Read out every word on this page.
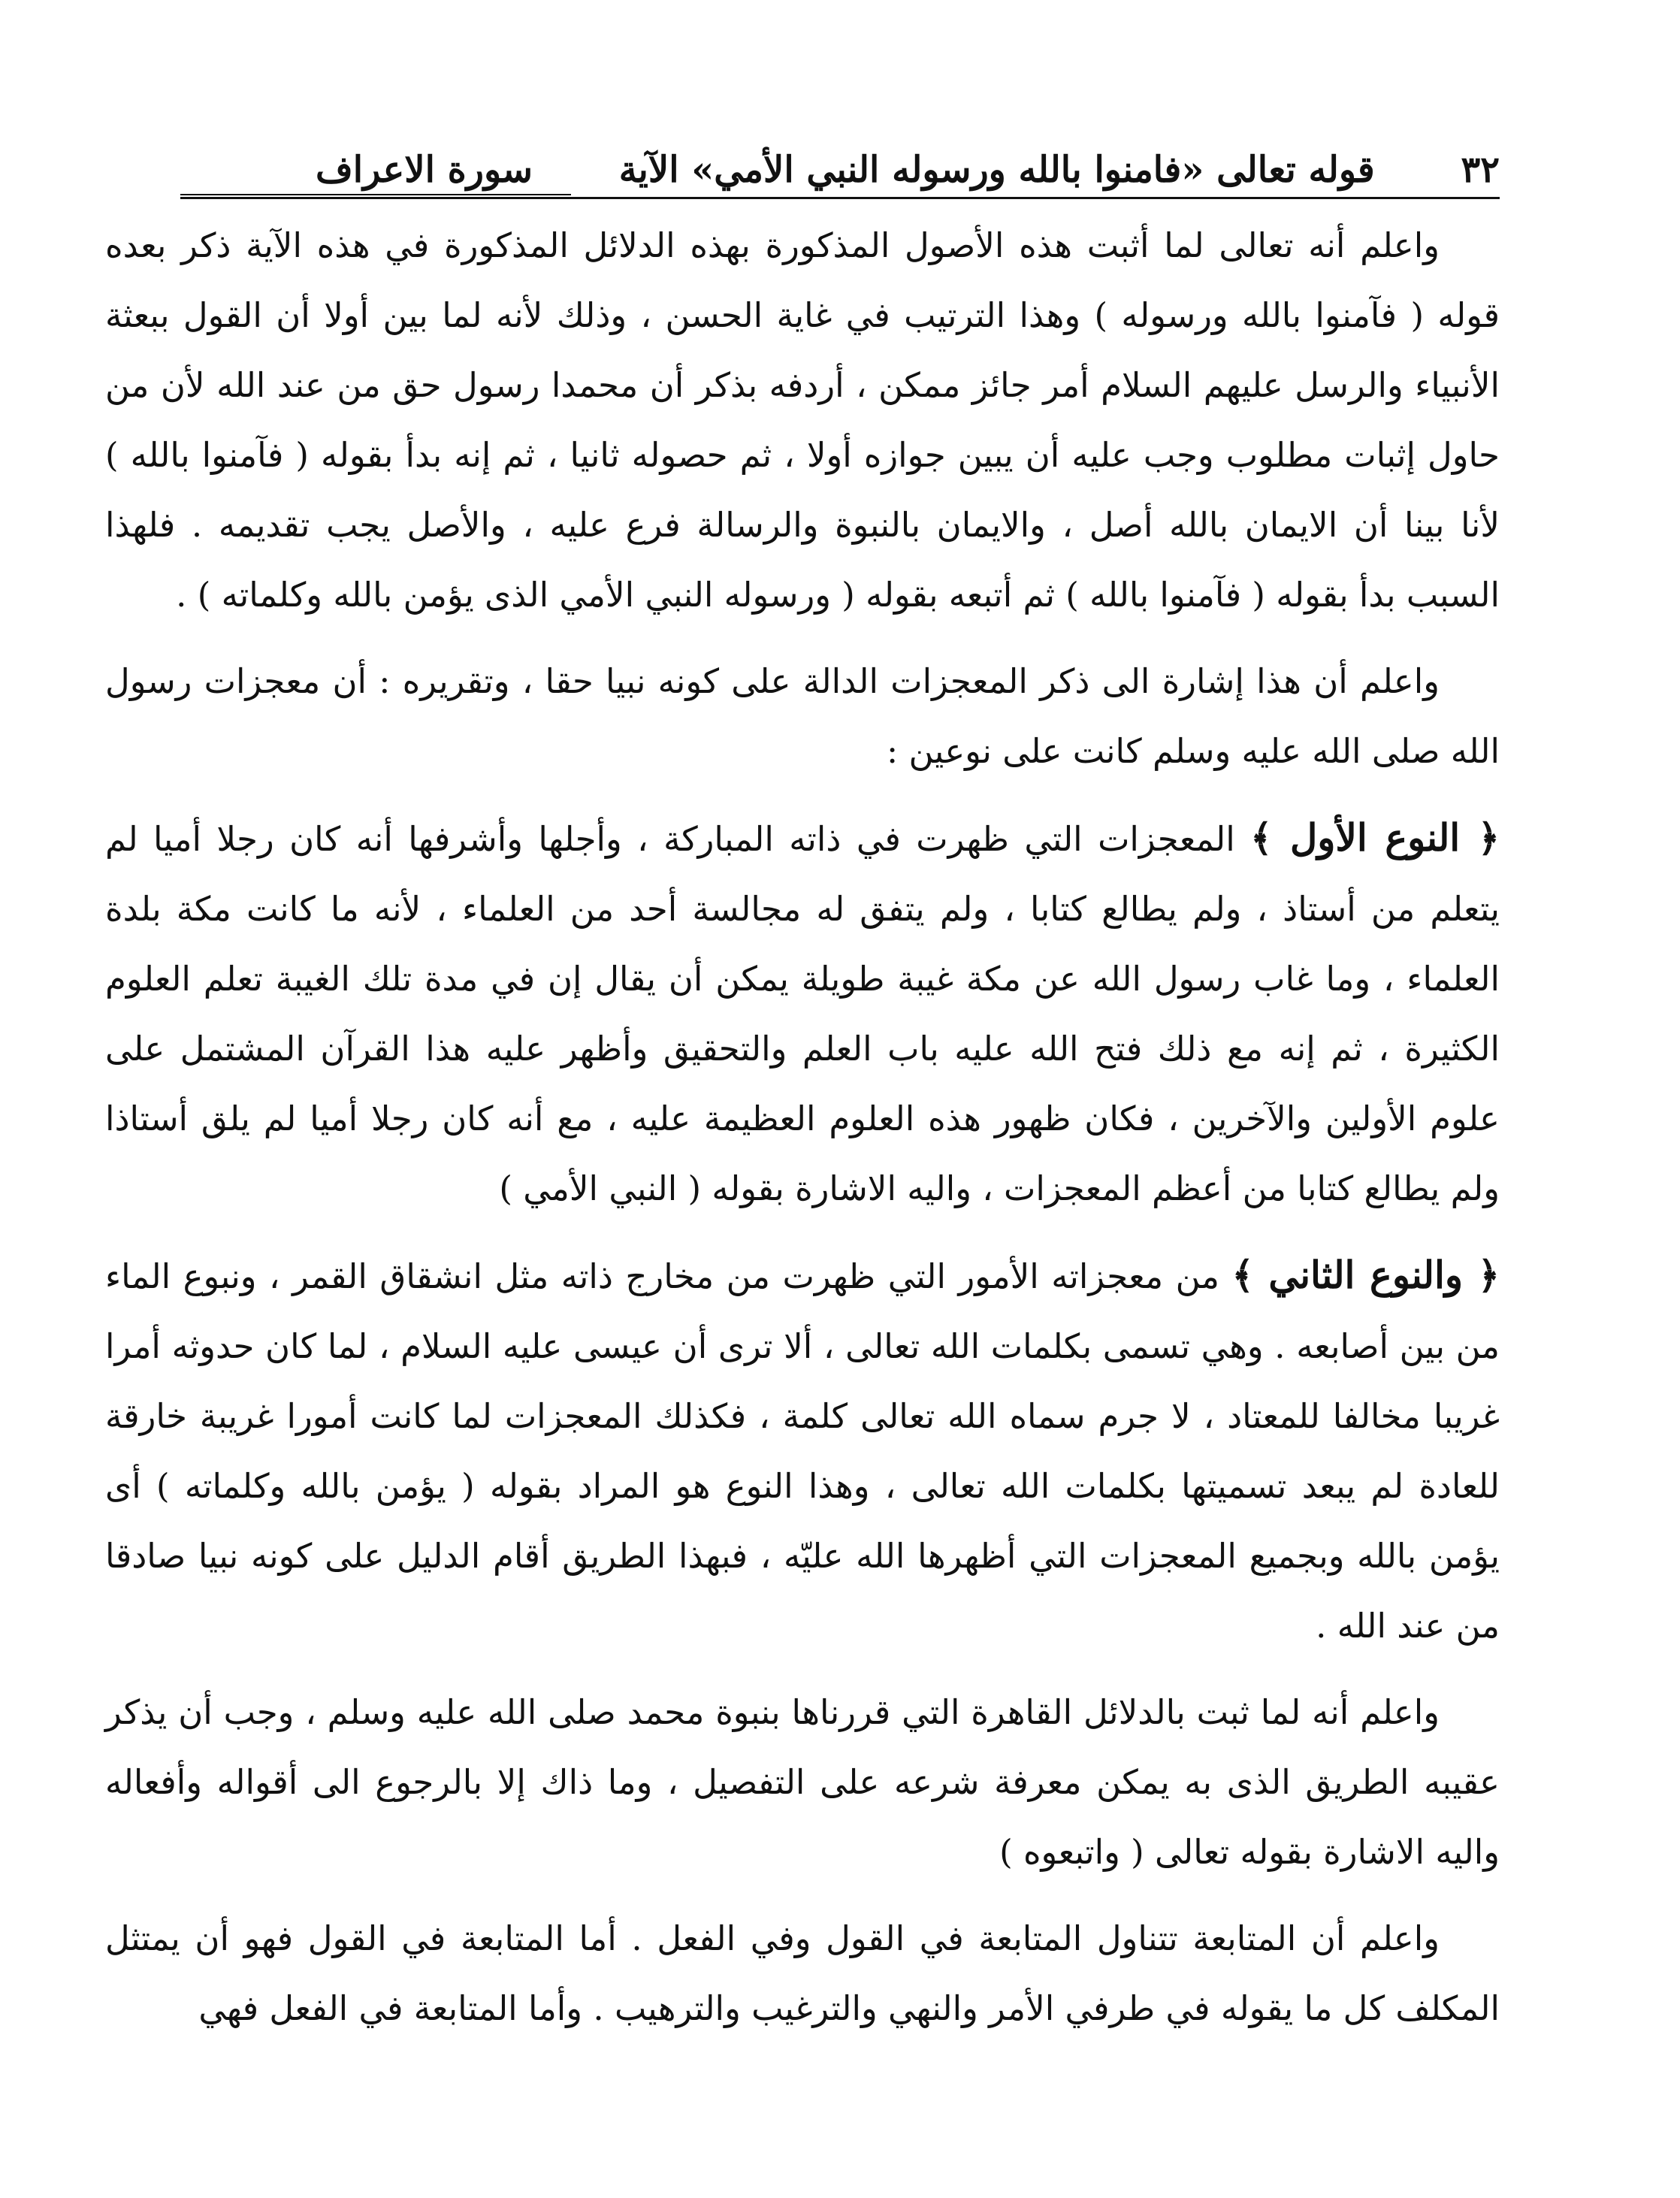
٣٢
قوله تعالى «فامنوا بالله ورسوله النبي الأمي» الآية
سورة الاعراف

واعلم أنه تعالى لما أثبت هذه الأصول المذكورة بهذه الدلائل المذكورة في هذه الآية ذكر بعده قوله ( فآمنوا بالله ورسوله ) وهذا الترتيب في غاية الحسن ، وذلك لأنه لما بين أولا أن القول ببعثة الأنبياء والرسل عليهم السلام أمر جائز ممكن ، أردفه بذكر أن محمدا رسول حق من عند الله لأن من حاول إثبات مطلوب وجب عليه أن يبين جوازه أولا ، ثم حصوله ثانيا ، ثم إنه بدأ بقوله ( فآمنوا بالله ) لأنا بينا أن الايمان بالله أصل ، والايمان بالنبوة والرسالة فرع عليه ، والأصل يجب تقديمه . فلهذا السبب بدأ بقوله ( فآمنوا بالله ) ثم أتبعه بقوله ( ورسوله النبي الأمي الذى يؤمن بالله وكلماته ) .

واعلم أن هذا إشارة الى ذكر المعجزات الدالة على كونه نبيا حقا ، وتقريره : أن معجزات رسول الله صلى الله عليه وسلم كانت على نوعين :

﴿ النوع الأول ﴾ المعجزات التي ظهرت في ذاته المباركة ، وأجلها وأشرفها أنه كان رجلا أميا لم يتعلم من أستاذ ، ولم يطالع كتابا ، ولم يتفق له مجالسة أحد من العلماء ، لأنه ما كانت مكة بلدة العلماء ، وما غاب رسول الله عن مكة غيبة طويلة يمكن أن يقال إن في مدة تلك الغيبة تعلم العلوم الكثيرة ، ثم إنه مع ذلك فتح الله عليه باب العلم والتحقيق وأظهر عليه هذا القرآن المشتمل على علوم الأولين والآخرين ، فكان ظهور هذه العلوم العظيمة عليه ، مع أنه كان رجلا أميا لم يلق أستاذا ولم يطالع كتابا من أعظم المعجزات ، واليه الاشارة بقوله ( النبي الأمي )

﴿ والنوع الثاني ﴾ من معجزاته الأمور التي ظهرت من مخارج ذاته مثل انشقاق القمر ، ونبوع الماء من بين أصابعه . وهي تسمى بكلمات الله تعالى ، ألا ترى أن عيسى عليه السلام ، لما كان حدوثه أمرا غريبا مخالفا للمعتاد ، لا جرم سماه الله تعالى كلمة ، فكذلك المعجزات لما كانت أمورا غريبة خارقة للعادة لم يبعد تسميتها بكلمات الله تعالى ، وهذا النوع هو المراد بقوله ( يؤمن بالله وكلماته ) أى يؤمن بالله وبجميع المعجزات التي أظهرها الله عليّه ، فبهذا الطريق أقام الدليل على كونه نبيا صادقا من عند الله .

واعلم أنه لما ثبت بالدلائل القاهرة التي قررناها بنبوة محمد صلى الله عليه وسلم ، وجب أن يذكر عقيبه الطريق الذى به يمكن معرفة شرعه على التفصيل ، وما ذاك إلا بالرجوع الى أقواله وأفعاله واليه الاشارة بقوله تعالى ( واتبعوه )

واعلم أن المتابعة تتناول المتابعة في القول وفي الفعل . أما المتابعة في القول فهو أن يمتثل المكلف كل ما يقوله في طرفي الأمر والنهي والترغيب والترهيب . وأما المتابعة في الفعل فهي
